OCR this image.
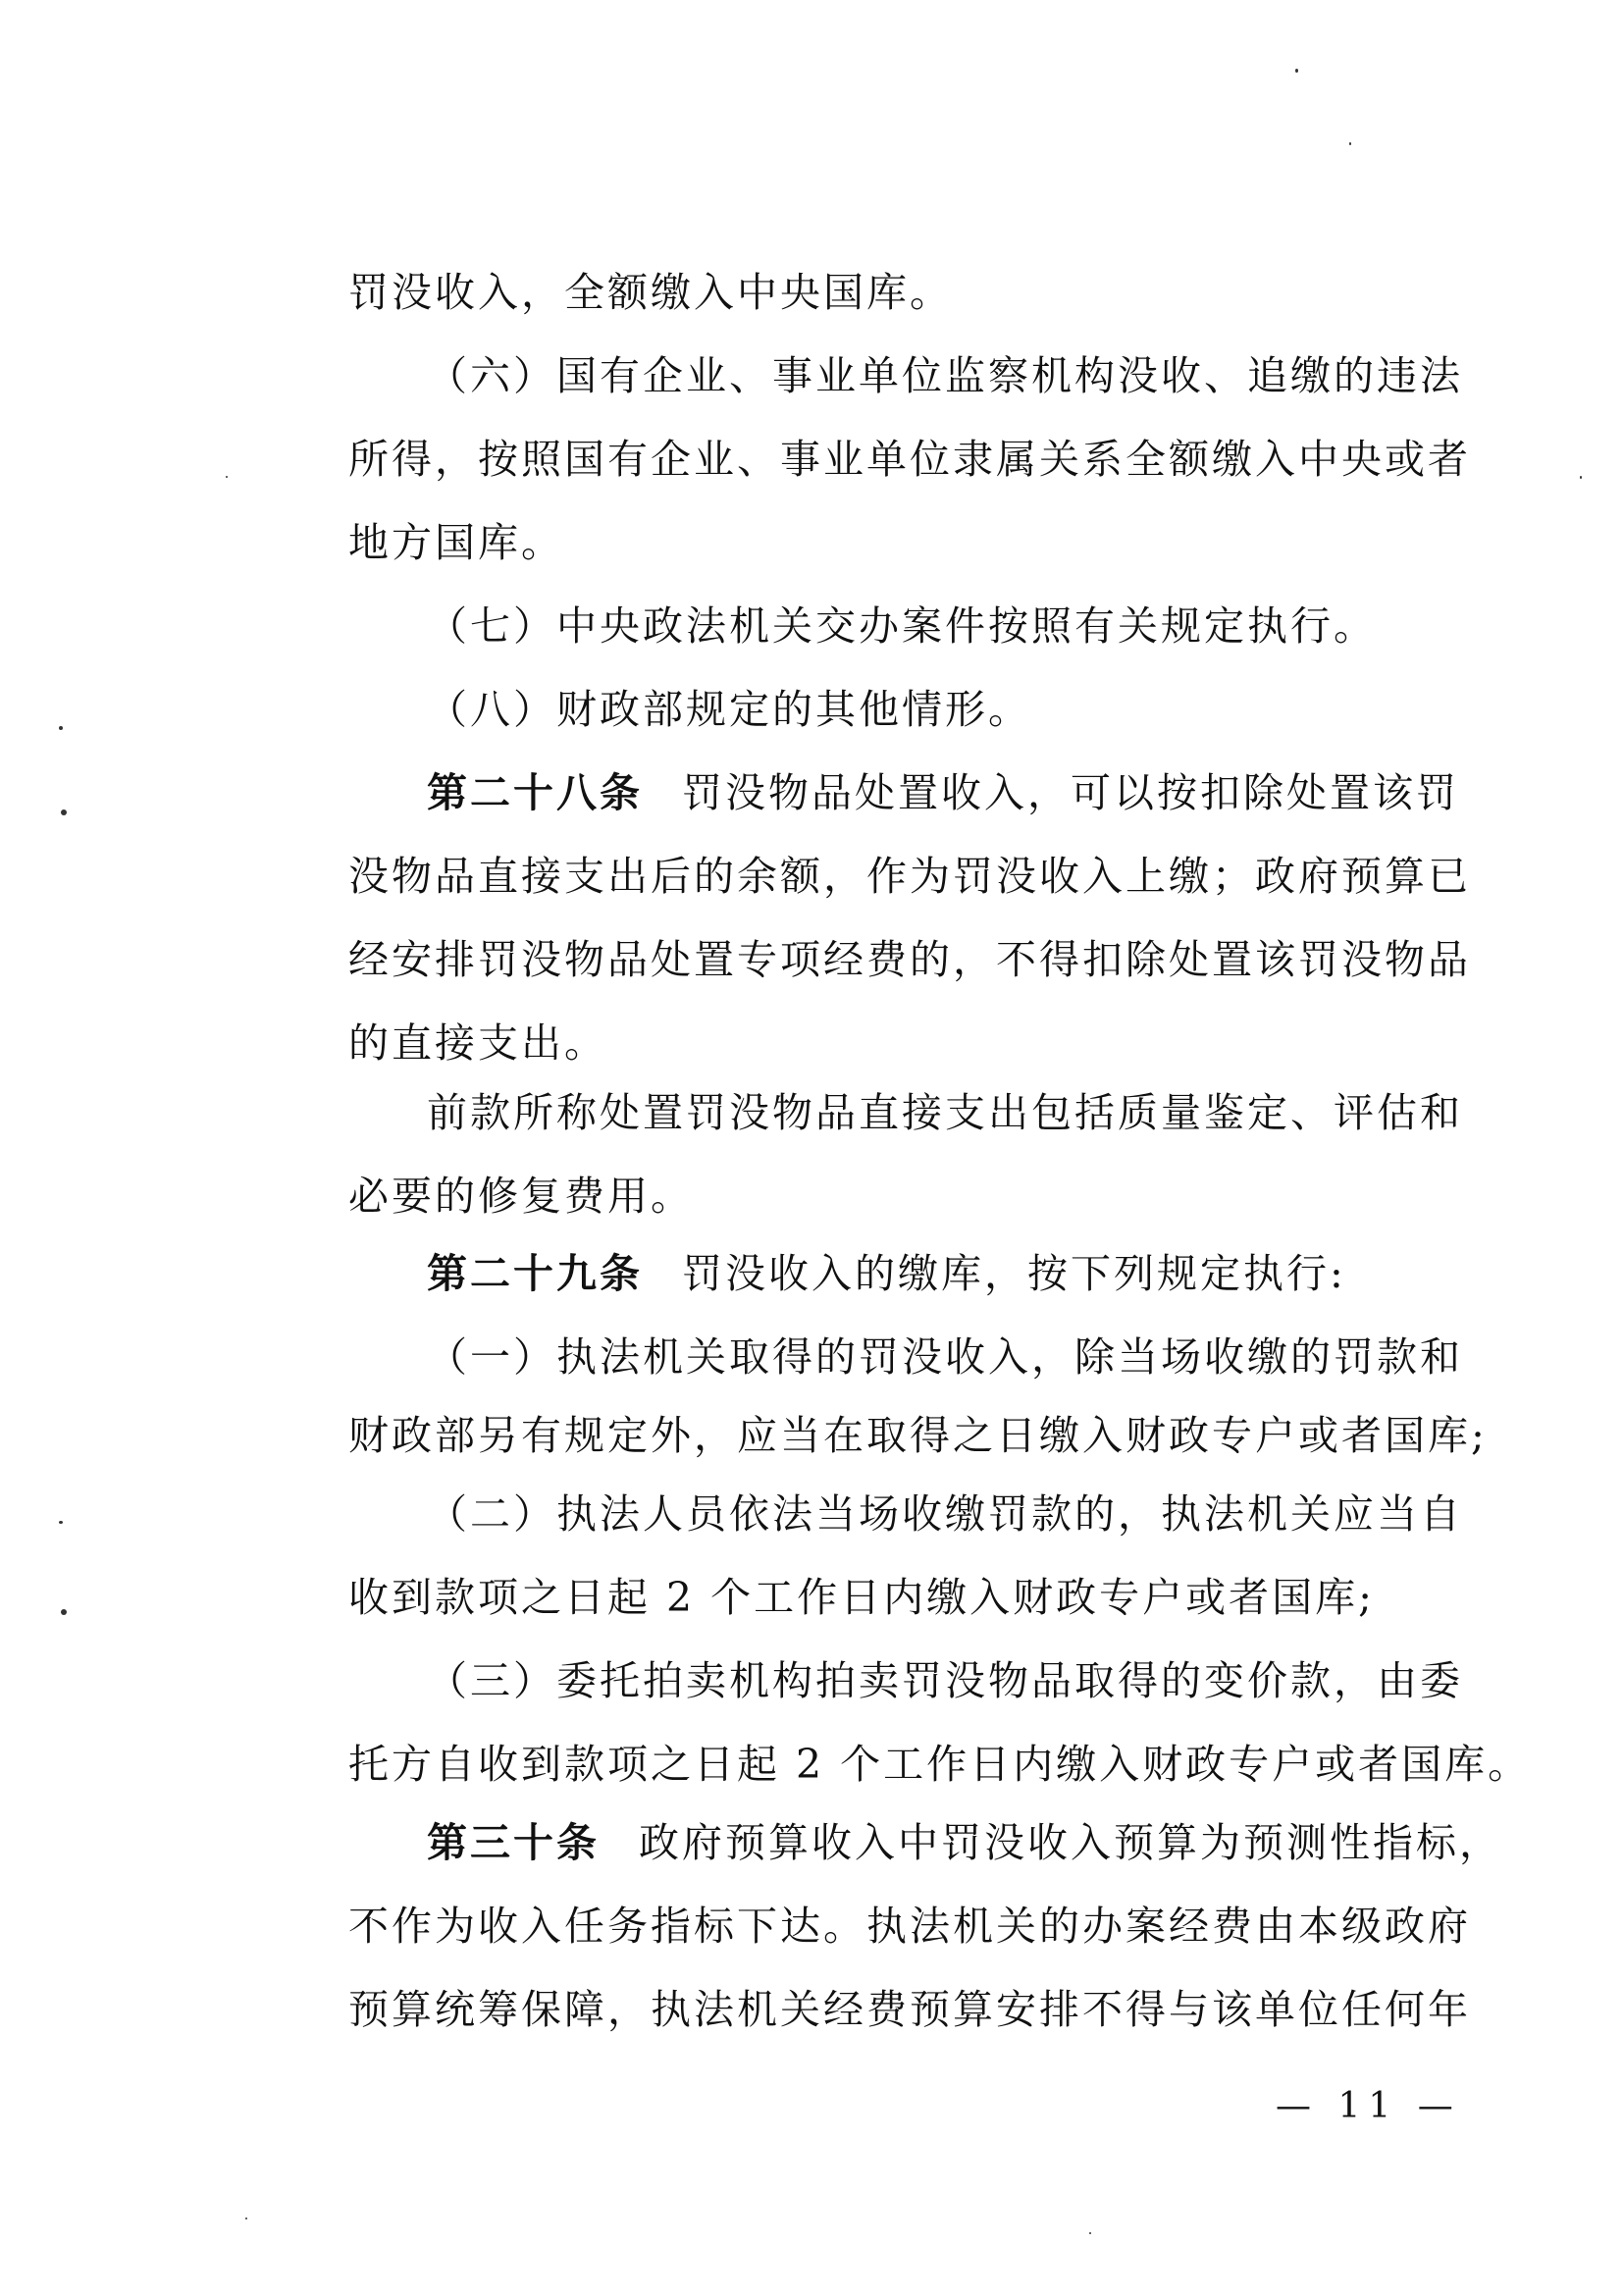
罚没收入，全额缴入中央国库。
（六）国有企业、事业单位监察机构没收、追缴的违法
所得，按照国有企业、事业单位隶属关系全额缴入中央或者
地方国库。
（七）中央政法机关交办案件按照有关规定执行。
（八）财政部规定的其他情形。
第二十八条 罚没物品处置收入，可以按扣除处置该罚
没物品直接支出后的余额，作为罚没收入上缴；政府预算已
经安排罚没物品处置专项经费的，不得扣除处置该罚没物品
的直接支出。
前款所称处置罚没物品直接支出包括质量鉴定、评估和
必要的修复费用。
第二十九条 罚没收入的缴库，按下列规定执行:
（一）执法机关取得的罚没收入，除当场收缴的罚款和
财政部另有规定外，应当在取得之日缴入财政专户或者国库;
（二）执法人员依法当场收缴罚款的，执法机关应当自
收到款项之日起 2 个工作日内缴入财政专户或者国库;
（三）委托拍卖机构拍卖罚没物品取得的变价款，由委
托方自收到款项之日起 2 个工作日内缴入财政专户或者国库。
第三十条 政府预算收入中罚没收入预算为预测性指标，
不作为收入任务指标下达。执法机关的办案经费由本级政府
预算统筹保障，执法机关经费预算安排不得与该单位任何年
— 11 —
